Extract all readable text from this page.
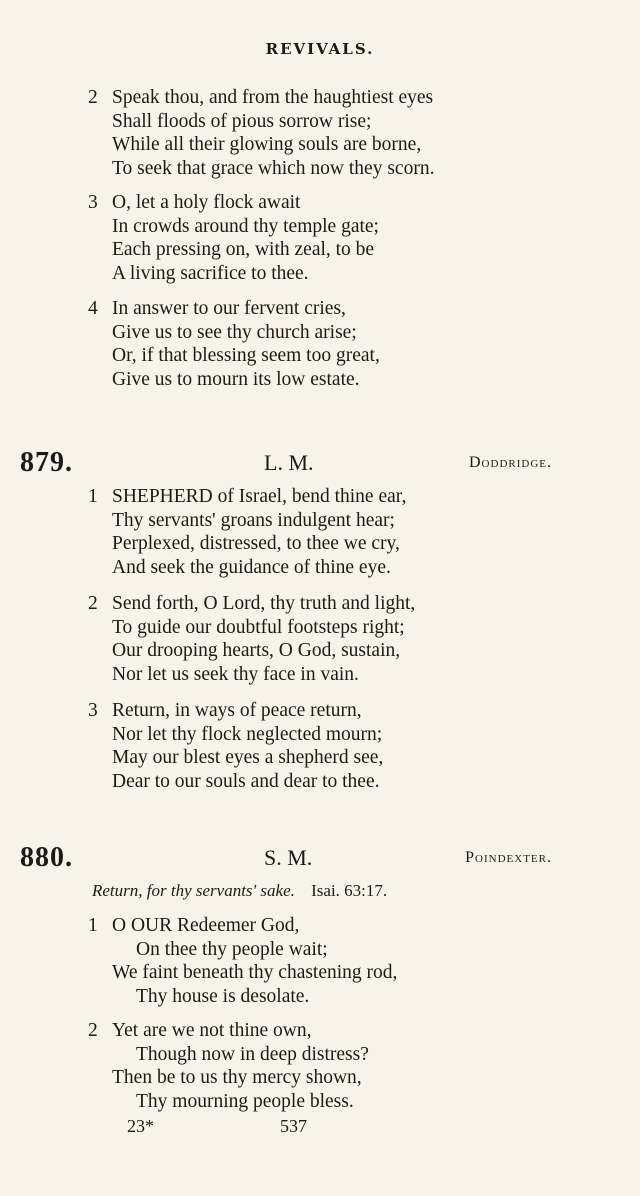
REVIVALS.
2 Speak thou, and from the haughtiest eyes
Shall floods of pious sorrow rise;
While all their glowing souls are borne,
To seek that grace which now they scorn.
3 O, let a holy flock await
In crowds around thy temple gate;
Each pressing on, with zeal, to be
A living sacrifice to thee.
4 In answer to our fervent cries,
Give us to see thy church arise;
Or, if that blessing seem too great,
Give us to mourn its low estate.
879.	L. M.	Doddridge.
1 SHEPHERD of Israel, bend thine ear,
Thy servants' groans indulgent hear;
Perplexed, distressed, to thee we cry,
And seek the guidance of thine eye.
2 Send forth, O Lord, thy truth and light,
To guide our doubtful footsteps right;
Our drooping hearts, O God, sustain,
Nor let us seek thy face in vain.
3 Return, in ways of peace return,
Nor let thy flock neglected mourn;
May our blest eyes a shepherd see,
Dear to our souls and dear to thee.
880.	S. M.	Poindexter.
Return, for thy servants' sake. Isai. 63:17.
1 O OUR Redeemer God,
On thee thy people wait;
We faint beneath thy chastening rod,
Thy house is desolate.
2 Yet are we not thine own,
Though now in deep distress?
Then be to us thy mercy shown,
Thy mourning people bless.
23*	537
